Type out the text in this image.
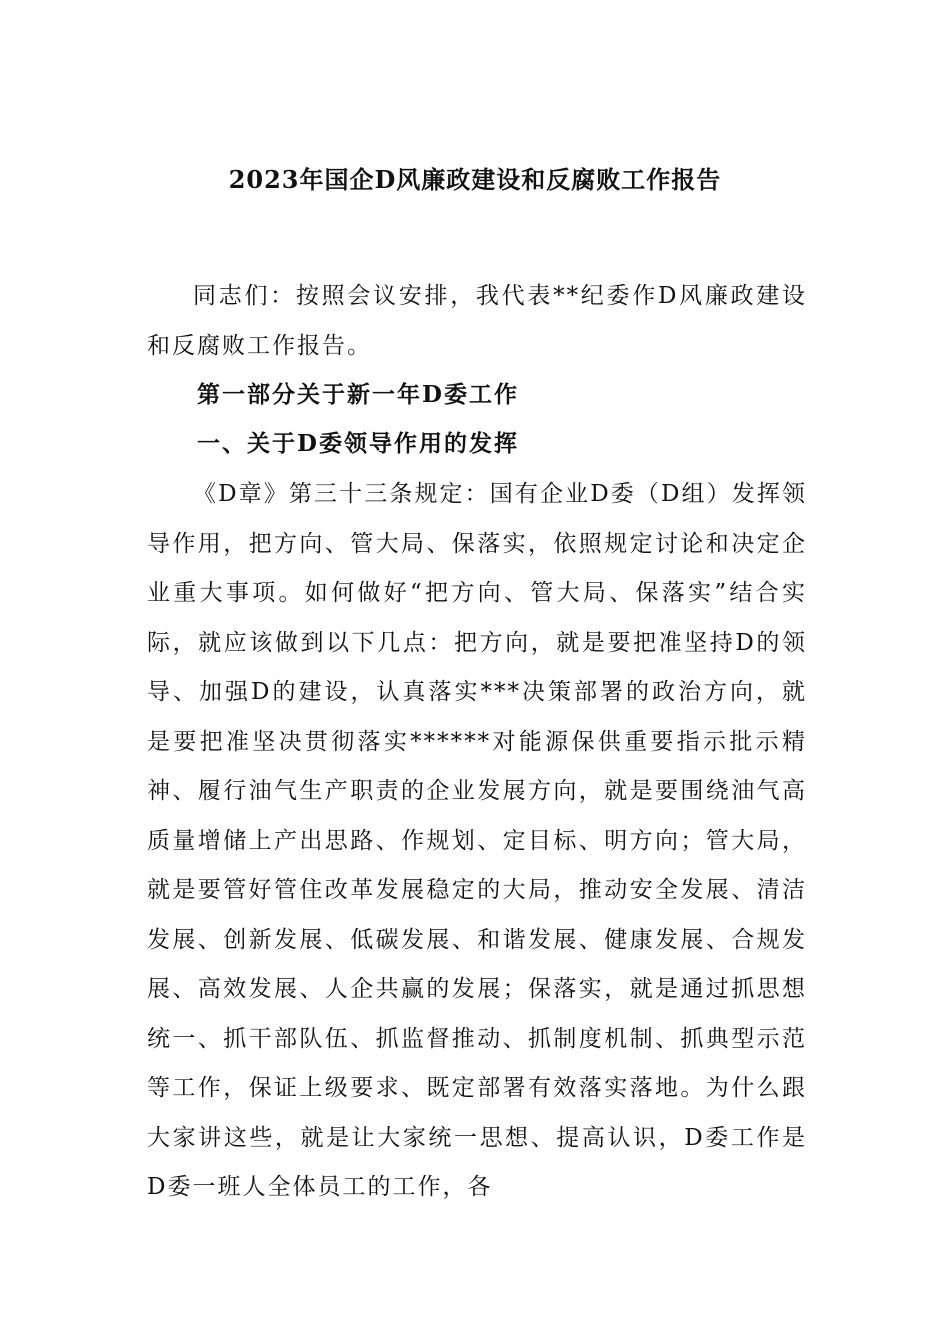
2023年国企D风廉政建设和反腐败工作报告

同志们：按照会议安排，我代表**纪委作D风廉政建设和反腐败工作报告。

第一部分关于新一年D委工作
一、关于D委领导作用的发挥

《D章》第三十三条规定：国有企业D委（D组）发挥领导作用，把方向、管大局、保落实，依照规定讨论和决定企业重大事项。如何做好“把方向、管大局、保落实”结合实际，就应该做到以下几点：把方向，就是要把准坚持D的领导、加强D的建设，认真落实***决策部署的政治方向，就是要把准坚决贯彻落实******对能源保供重要指示批示精神、履行油气生产职责的企业发展方向，就是要围绕油气高质量增储上产出思路、作规划、定目标、明方向；管大局，就是要管好管住改革发展稳定的大局，推动安全发展、清洁发展、创新发展、低碳发展、和谐发展、健康发展、合规发展、高效发展、人企共赢的发展；保落实，就是通过抓思想统一、抓干部队伍、抓监督推动、抓制度机制、抓典型示范等工作，保证上级要求、既定部署有效落实落地。为什么跟大家讲这些，就是让大家统一思想、提高认识，D委工作是D委一班人全体员工的工作，各
